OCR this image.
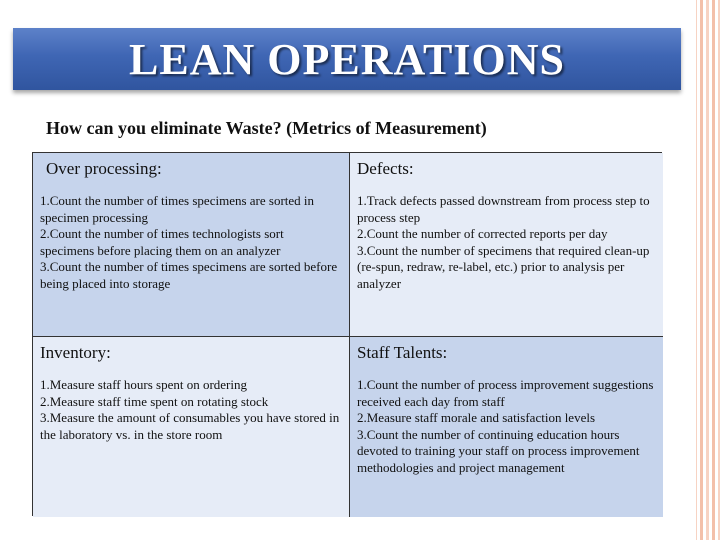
LEAN OPERATIONS
How can you eliminate Waste? (Metrics of Measurement)
Over processing:
1.Count the number of times specimens are sorted in specimen processing
2.Count the number of times technologists sort specimens before placing them on an analyzer
3.Count the number of times specimens are sorted before being placed into storage
Defects:
1.Track defects passed downstream from process step to process step
2.Count the number of corrected reports per day
3.Count the number of specimens that required clean-up (re-spun, redraw, re-label, etc.) prior to analysis per analyzer
Inventory:
1.Measure staff hours spent on ordering
2.Measure staff time spent on rotating stock
3.Measure the amount of consumables you have stored in the laboratory vs. in the store room
Staff Talents:
1.Count the number of process improvement suggestions received each day from staff
2.Measure staff morale and satisfaction levels
3.Count the number of continuing education hours devoted to training your staff on process improvement methodologies and project management
